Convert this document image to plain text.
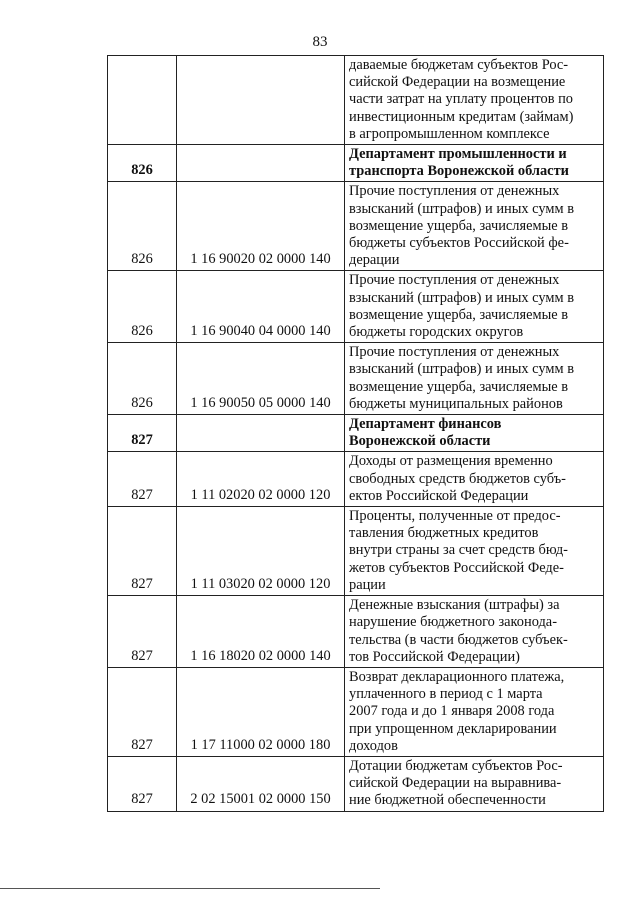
83
		даваемые бюджетам субъектов Рос-
сийской Федерации на возмещение
части затрат на уплату процентов по
инвестиционным кредитам (займам)
в агропромышленном комплексе
826		Департамент промышленности и
транспорта Воронежской области
826	1 16 90020 02 0000 140	Прочие поступления от денежных
взысканий (штрафов) и иных сумм в
возмещение ущерба, зачисляемые в
бюджеты субъектов Российской фе-
дерации
826	1 16 90040 04 0000 140	Прочие поступления от денежных
взысканий (штрафов) и иных сумм в
возмещение ущерба, зачисляемые в
бюджеты городских округов
826	1 16 90050 05 0000 140	Прочие поступления от денежных
взысканий (штрафов) и иных сумм в
возмещение ущерба, зачисляемые в
бюджеты муниципальных районов
827		Департамент финансов
Воронежской области
827	1 11 02020 02 0000 120	Доходы от размещения временно
свободных средств бюджетов субъ-
ектов Российской Федерации
827	1 11 03020 02 0000 120	Проценты, полученные от предос-
тавления бюджетных кредитов
внутри страны за счет средств бюд-
жетов субъектов Российской Феде-
рации
827	1 16 18020 02 0000 140	Денежные взыскания (штрафы) за
нарушение бюджетного законода-
тельства (в части бюджетов субъек-
тов Российской Федерации)
827	1 17 11000 02 0000 180	Возврат декларационного платежа,
уплаченного в период с 1 марта
2007 года и до 1 января 2008 года
при упрощенном декларировании
доходов
827	2 02 15001 02 0000 150	Дотации бюджетам субъектов Рос-
сийской Федерации на выравнива-
ние бюджетной обеспеченности
